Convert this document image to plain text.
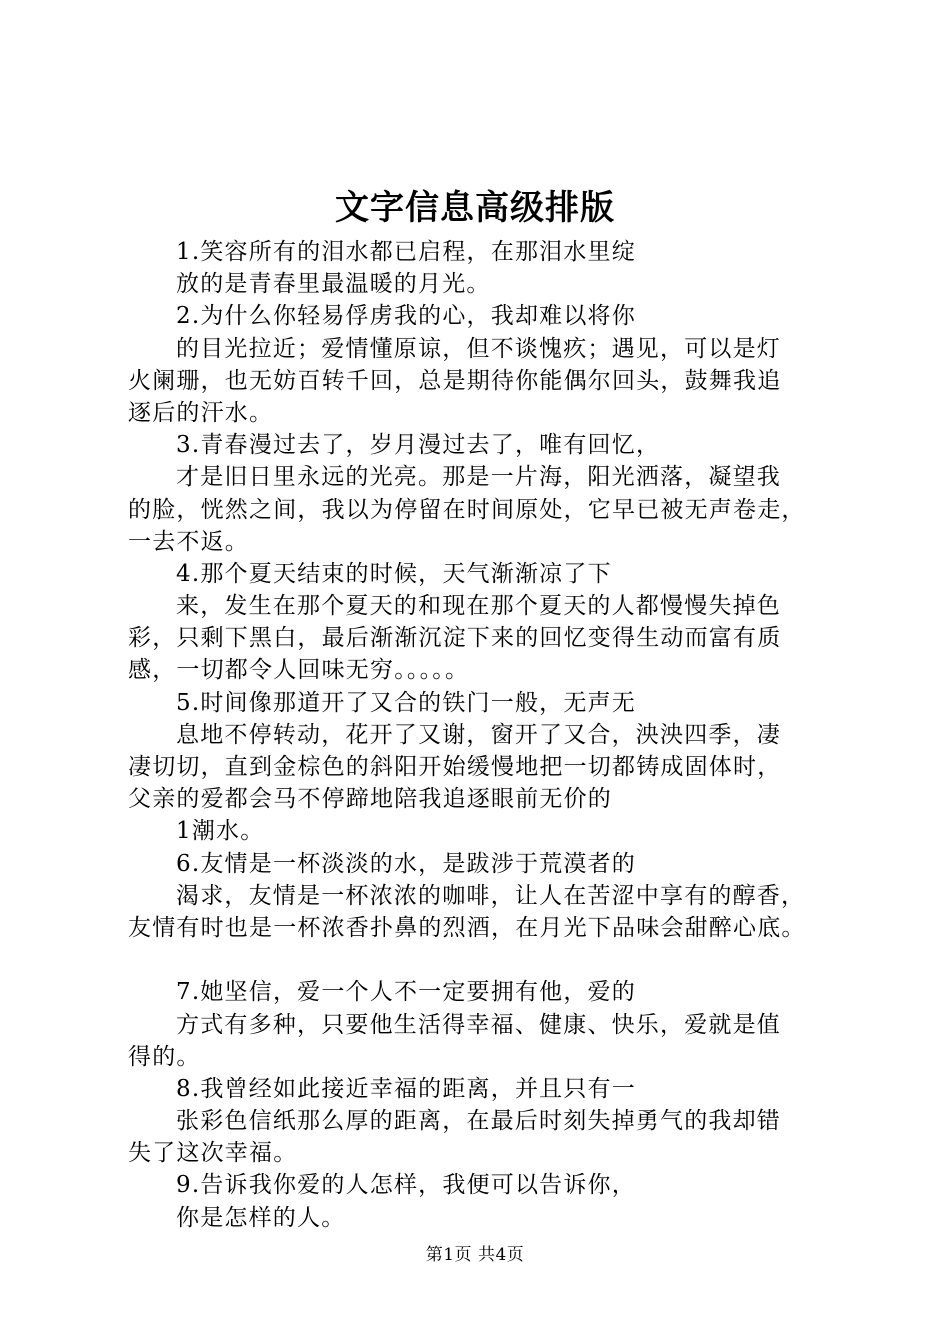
文字信息高级排版
1.笑容所有的泪水都已启程，在那泪水里绽
放的是青春里最温暖的月光。
2.为什么你轻易俘虏我的心，我却难以将你
的目光拉近；爱情懂原谅，但不谈愧疚；遇见，可以是灯
火阑珊，也无妨百转千回，总是期待你能偶尔回头，鼓舞我追
逐后的汗水。
3.青春漫过去了，岁月漫过去了，唯有回忆，
才是旧日里永远的光亮。那是一片海，阳光洒落，凝望我
的脸，恍然之间，我以为停留在时间原处，它早已被无声卷走，
一去不返。
4.那个夏天结束的时候，天气渐渐凉了下
来，发生在那个夏天的和现在那个夏天的人都慢慢失掉色
彩，只剩下黑白，最后渐渐沉淀下来的回忆变得生动而富有质
感，一切都令人回味无穷。。。。。
5.时间像那道开了又合的铁门一般，无声无
息地不停转动，花开了又谢，窗开了又合，泱泱四季，凄
凄切切，直到金棕色的斜阳开始缓慢地把一切都铸成固体时，
父亲的爱都会马不停蹄地陪我追逐眼前无价的
1潮水。
6.友情是一杯淡淡的水，是跋涉于荒漠者的
渴求，友情是一杯浓浓的咖啡，让人在苦涩中享有的醇香，
友情有时也是一杯浓香扑鼻的烈酒，在月光下品味会甜醉心底。
7.她坚信，爱一个人不一定要拥有他，爱的
方式有多种，只要他生活得幸福、健康、快乐，爱就是值
得的。
8.我曾经如此接近幸福的距离，并且只有一
张彩色信纸那么厚的距离，在最后时刻失掉勇气的我却错
失了这次幸福。
9.告诉我你爱的人怎样，我便可以告诉你，
你是怎样的人。
第1页 共4页
